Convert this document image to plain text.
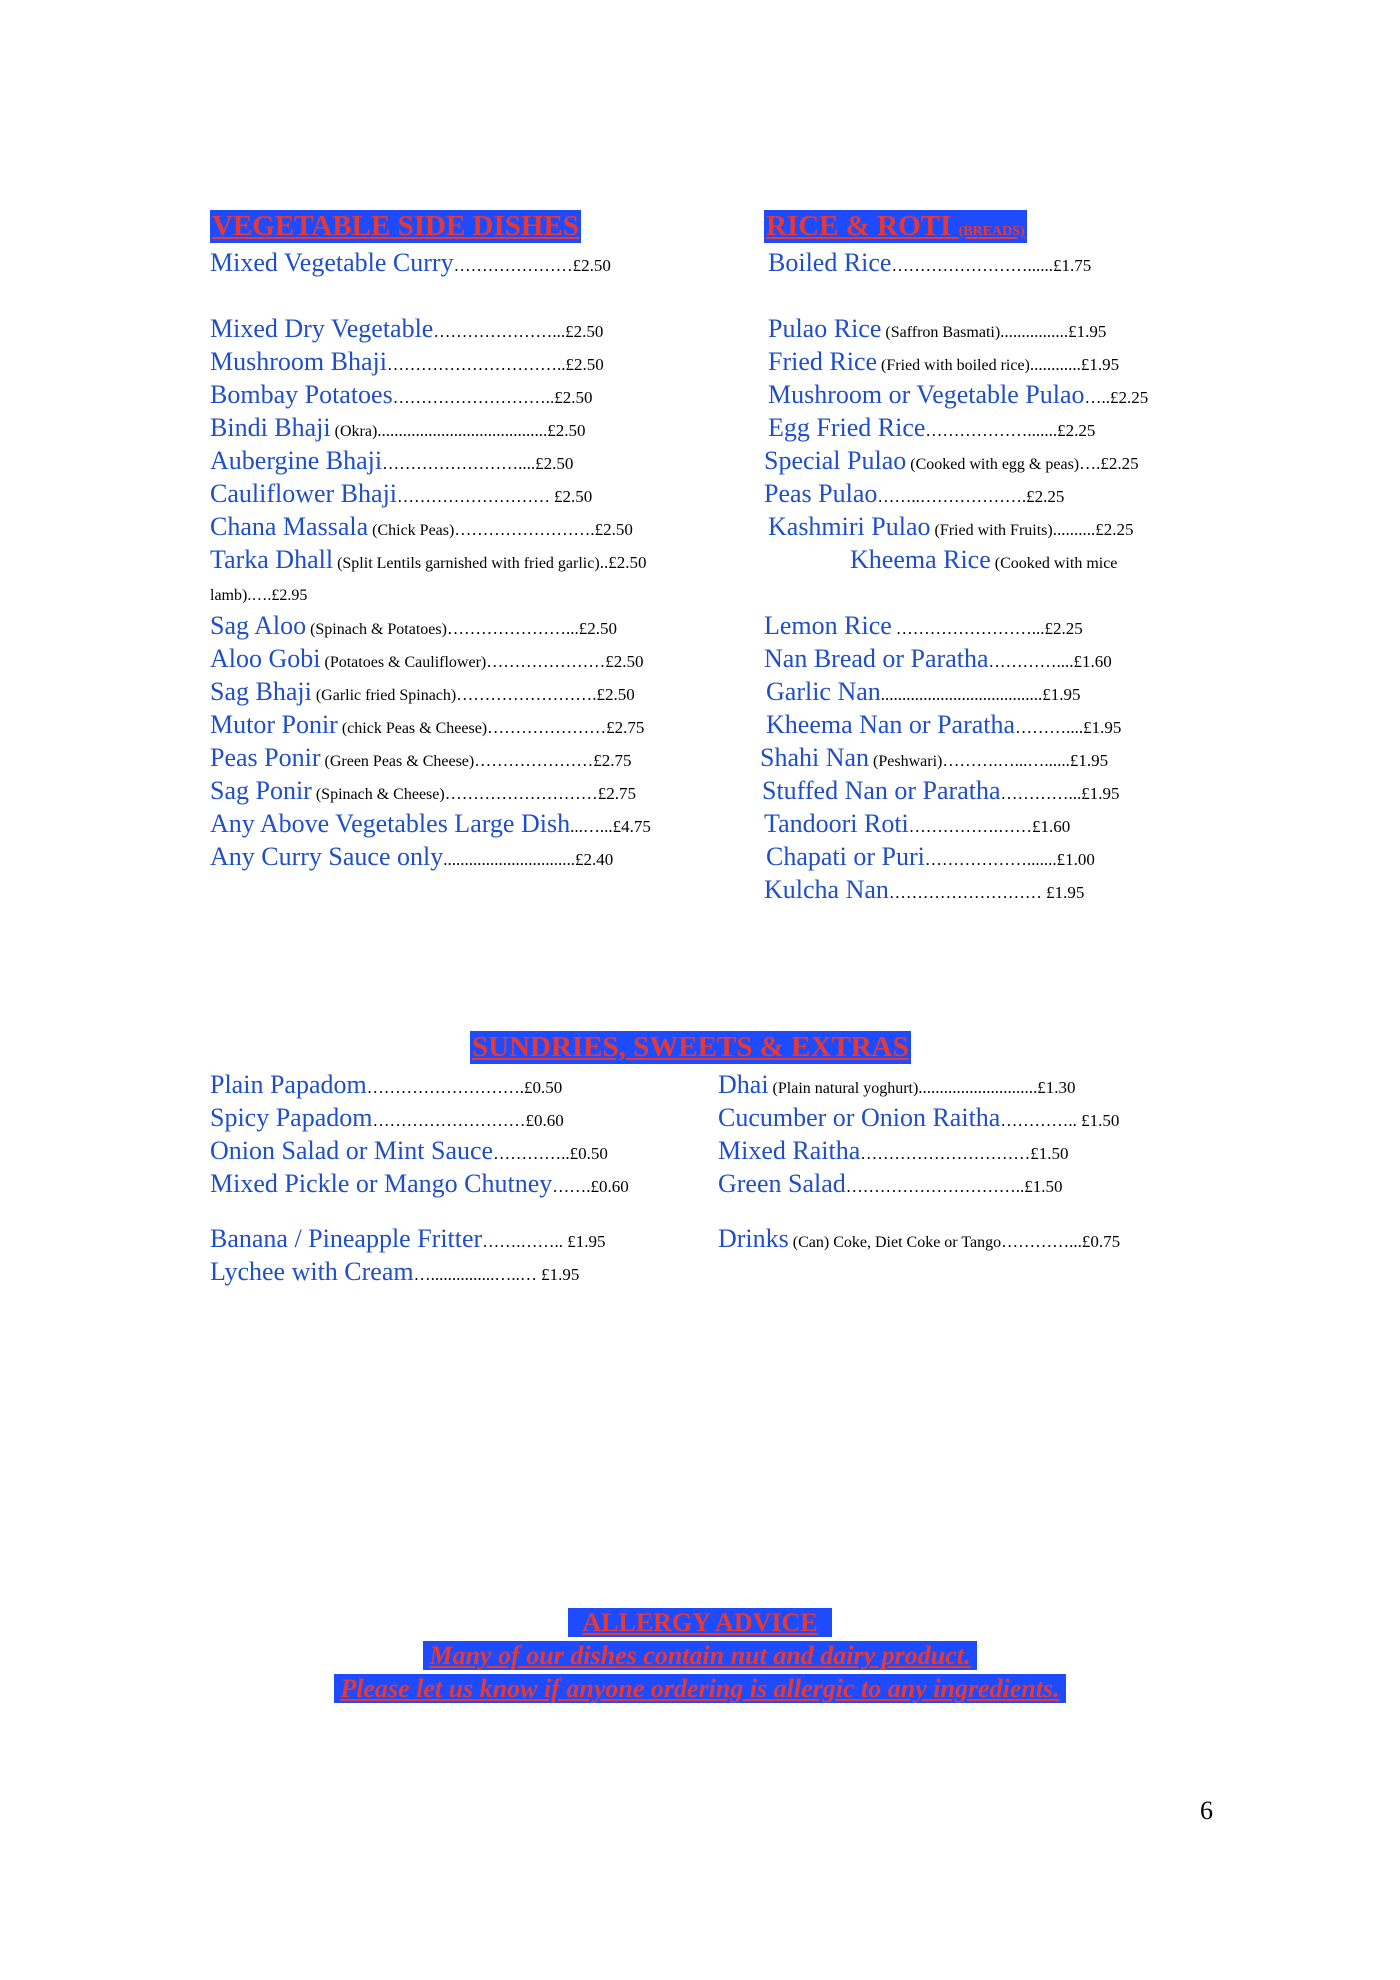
VEGETABLE SIDE DISHES	RICE & ROTI (BREADS)
SUNDRIES, SWEETS & EXTRAS
Mixed Vegetable Curry…………………£2.50
Mixed Dry Vegetable…………………...£2.50
Mushroom Bhaji…………………………..£2.50
Bombay Potatoes………………………..£2.50
Bindi Bhaji (Okra)........................................£2.50
Aubergine Bhaji……………………....£2.50
Cauliflower Bhaji……………………… £2.50
Chana Massala (Chick Peas)…………………….£2.50
Tarka Dhall (Split Lentils garnished with fried garlic)..£2.50
lamb).….£2.95
Sag Aloo (Spinach & Potatoes)…………………...£2.50
Aloo Gobi (Potatoes & Cauliflower)…………………£2.50
Sag Bhaji (Garlic fried Spinach)…………………….£2.50
Mutor Ponir (chick Peas & Cheese)…………………£2.75
Peas Ponir (Green Peas & Cheese)…………………£2.75
Sag Ponir (Spinach & Cheese)………………………£2.75
Any Above Vegetables Large Dish...…...£4.75
Any Curry Sauce only...............................£2.40
Boiled Rice……………………......£1.75
Pulao Rice (Saffron Basmati)................£1.95
Fried Rice (Fried with boiled rice)............£1.95
Mushroom or Vegetable Pulao…..£2.25
Egg Fried Rice……………….......£2.25
Special Pulao (Cooked with egg & peas)….£2.25
Peas Pulao……..……………….£2.25
Kashmiri Pulao (Fried with Fruits)..........£2.25
Kheema Rice (Cooked with mice
Lemon Rice ……………………...£2.25
Nan Bread or Paratha…………....£1.60
Garlic Nan......................................£1.95
Kheema Nan or Paratha………....£1.95
Shahi Nan (Peshwari)……….…...…......£1.95
Stuffed Nan or Paratha…………...£1.95
Tandoori Roti…………….……£1.60
Chapati or Puri……………….......£1.00
Kulcha Nan……………………… £1.95
Plain Papadom……………………….£0.50
Spicy Papadom………………………£0.60
Onion Salad or Mint Sauce…………..£0.50
Mixed Pickle or Mango Chutney…….£0.60
Banana / Pineapple Fritter…….…….. £1.95
Lychee with Cream…...............…..… £1.95
Dhai (Plain natural yoghurt)............................£1.30
Cucumber or Onion Raitha………….. £1.50
Mixed Raitha…………………………£1.50
Green Salad…………………………..£1.50
Drinks (Can) Coke, Diet Coke or Tango…………...£0.75
ALLERGY ADVICE
Many of our dishes contain nut and dairy product.
Please let us know if anyone ordering is allergic to any ingredients.
6
